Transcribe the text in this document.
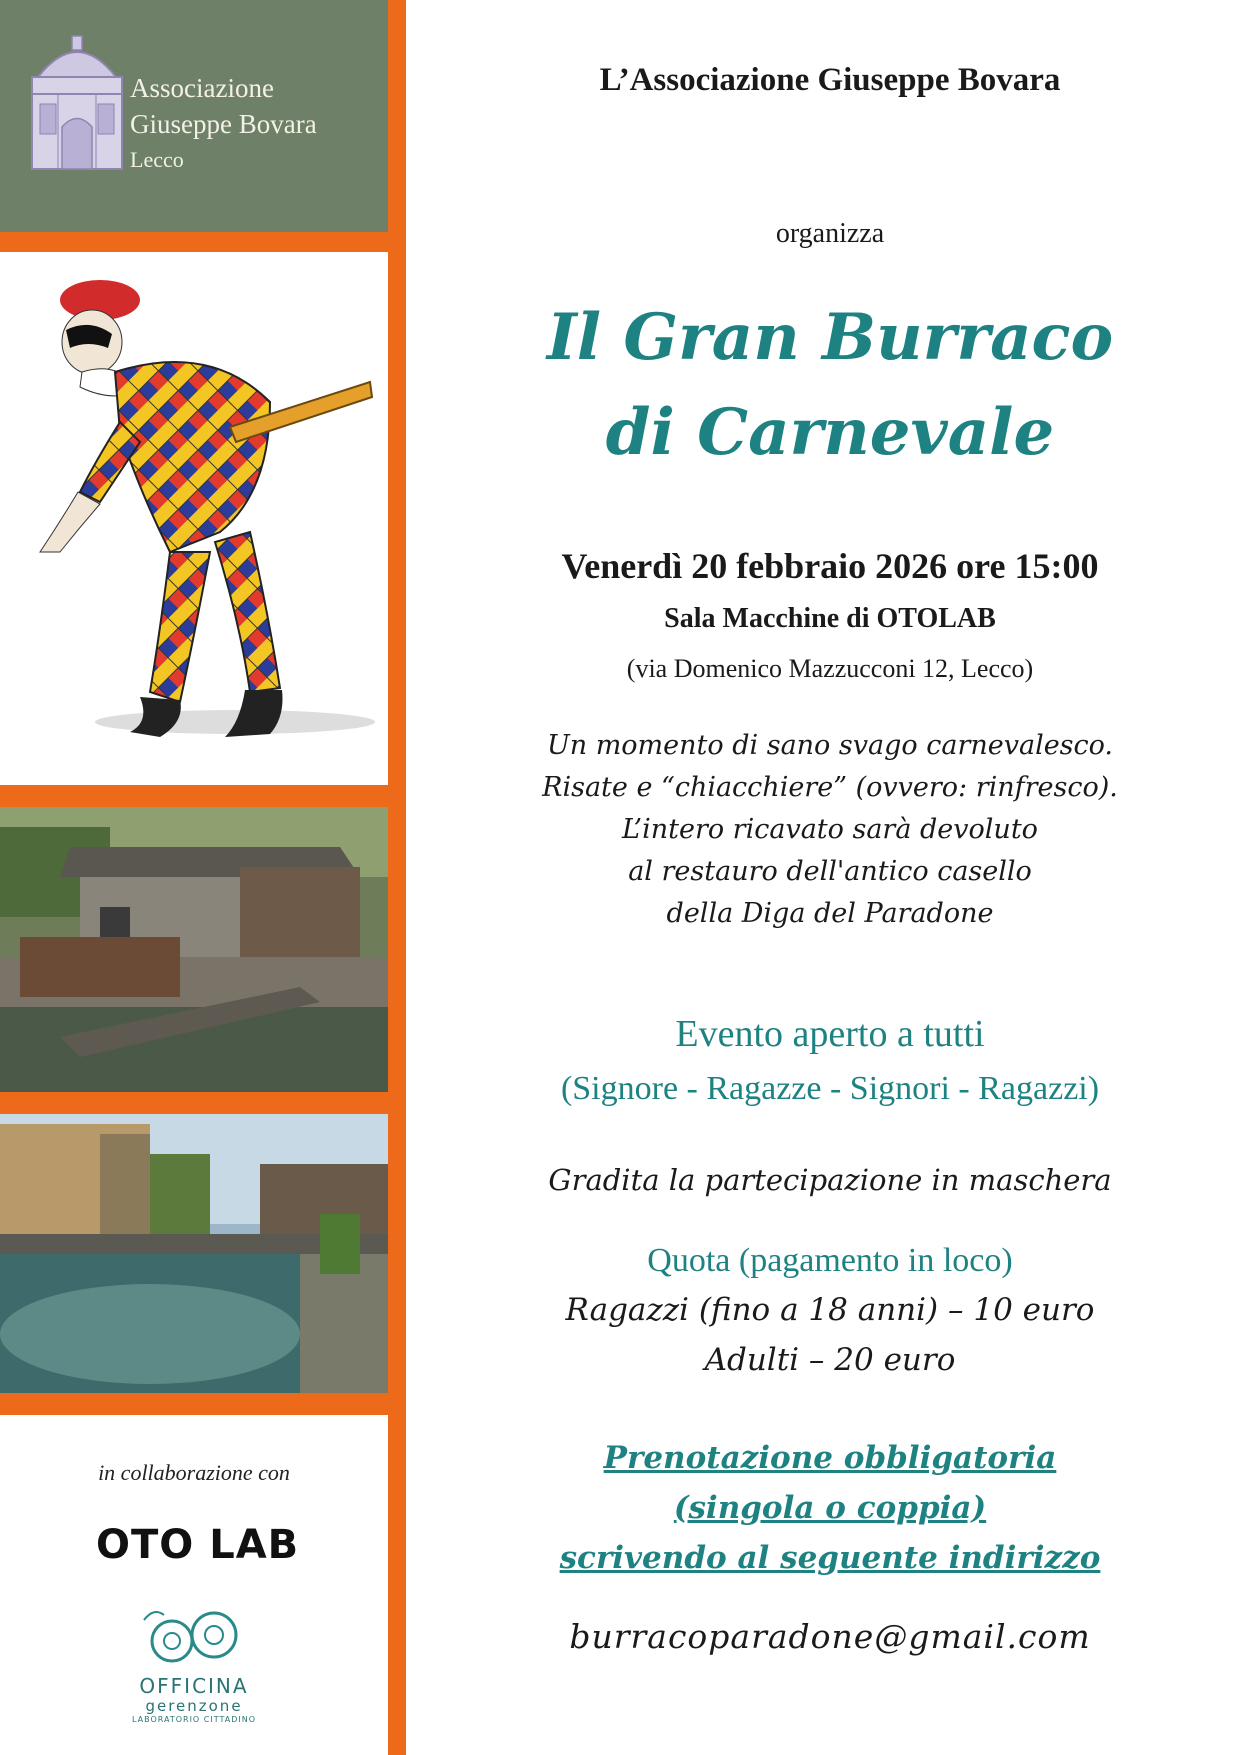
Associazione
Giuseppe Bovara
Lecco
in collaborazione con
OTO LAB
OFFICINA
gerenzone
LABORATORIO CITTADINO
L’Associazione Giuseppe Bovara
organizza
Il Gran Burraco
di Carnevale
Venerdì 20 febbraio 2026 ore 15:00
Sala Macchine di OTOLAB
(via Domenico Mazzucconi 12, Lecco)
Un momento di sano svago carnevalesco.
Risate e “chiacchiere” (ovvero: rinfresco).
L’intero ricavato sarà devoluto
al restauro dell'antico casello
della Diga del Paradone
Evento aperto a tutti
(Signore - Ragazze - Signori - Ragazzi)
Gradita la partecipazione in maschera
Quota (pagamento in loco)
Ragazzi (fino a 18 anni) – 10 euro
Adulti – 20 euro
Prenotazione obbligatoria
(singola o coppia)
scrivendo al seguente indirizzo
burracoparadone@gmail.com
